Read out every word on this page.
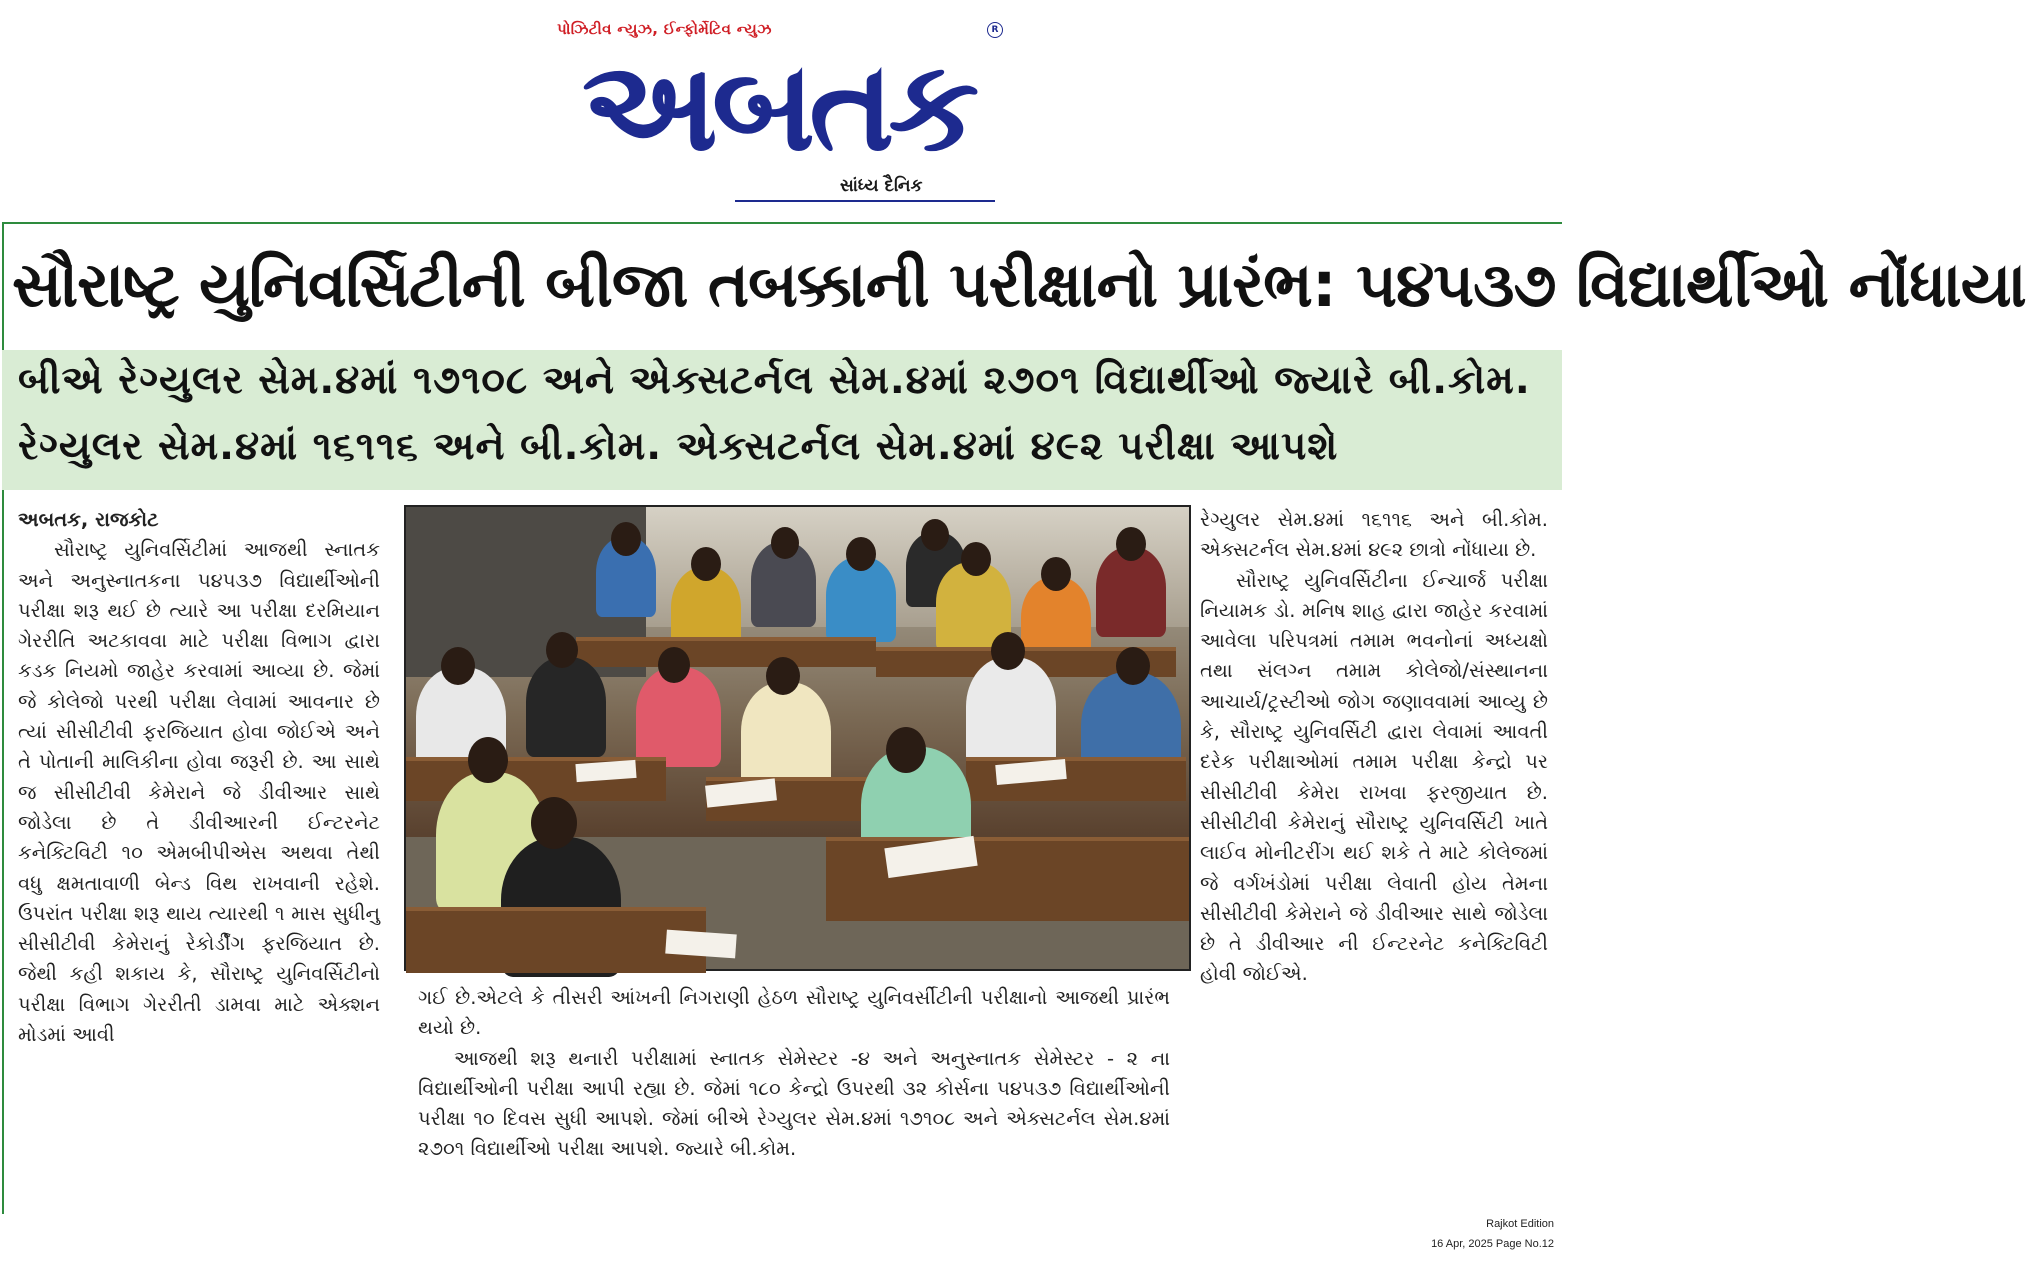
પોઝિટીવ ન્યુઝ, ઈન્ફોર્મેટિવ ન્યુઝ	R
અબતક
સાંધ્ય દૈનિક
સૌરાષ્ટ્ર યુનિવર્સિટીની બીજા તબક્કાની પરીક્ષાનો પ્રારંભ: ૫૪૫૩૭ વિદ્યાર્થીઓ નોંધાયા
બીએ રેગ્યુલર સેમ.૪માં ૧૭૧૦૮ અને એક્સટર્નલ સેમ.૪માં ૨૭૦૧ વિદ્યાર્થીઓ જ્યારે બી.કોમ.
રેગ્યુલર સેમ.૪માં ૧૬૧૧૬ અને બી.કોમ. એક્સટર્નલ સેમ.૪માં ૪૯૨ પરીક્ષા આપશે

અબતક, રાજકોટ

સૌરાષ્ટ્ર યુનિવર્સિટીમાં આજથી સ્નાતક અને અનુસ્નાતકના ૫૪૫૩૭ વિદ્યાર્થીઓની પરીક્ષા શરૂ થઈ છે ત્યારે આ પરીક્ષા દરમિયાન ગેરરીતિ અટકાવવા માટે પરીક્ષા વિભાગ દ્વારા કડક નિયમો જાહેર કરવામાં આવ્યા છે. જેમાં જે કોલેજો પરથી પરીક્ષા લેવામાં આવનાર છે ત્યાં સીસીટીવી ફરજિયાત હોવા જોઈએ અને તે પોતાની માલિકીના હોવા જરૂરી છે. આ સાથે જ સીસીટીવી કેમેરાને જે ડીવીઆર સાથે જોડેલા છે તે ડીવીઆરની ઈન્ટરનેટ કનેક્ટિવિટી ૧૦ એમબીપીએસ અથવા તેથી વધુ ક્ષમતાવાળી બેન્ડ વિથ રાખવાની રહેશે. ઉપરાંત પરીક્ષા શરૂ થાય ત્યારથી ૧ માસ સુધીનુ સીસીટીવી કેમેરાનું રેકોર્ડીંગ ફરજિયાત છે. જેથી કહી શકાય કે, સૌરાષ્ટ્ર યુનિવર્સિટીનો પરીક્ષા વિભાગ ગેરરીતી ડામવા માટે એક્શન મોડમાં આવી

ગઈ છે.એટલે કે તીસરી આંખની નિગરાણી હેઠળ સૌરાષ્ટ્ર યુનિવર્સીટીની પરીક્ષાનો આજથી પ્રારંભ થયો છે.

આજથી શરૂ થનારી પરીક્ષામાં સ્નાતક સેમેસ્ટર -૪ અને અનુસ્નાતક સેમેસ્ટર - ૨ ના વિદ્યાર્થીઓની પરીક્ષા આપી રહ્યા છે. જેમાં ૧૮૦ કેન્દ્રો ઉપરથી ૩૨ કોર્સના ૫૪૫૩૭ વિદ્યાર્થીઓની પરીક્ષા ૧૦ દિવસ સુધી આપશે. જેમાં બીએ રેગ્યુલર સેમ.૪માં ૧૭૧૦૮ અને એક્સટર્નલ સેમ.૪માં ૨૭૦૧ વિદ્યાર્થીઓ પરીક્ષા આપશે. જ્યારે બી.કોમ.

રેગ્યુલર સેમ.૪માં ૧૬૧૧૬ અને બી.કોમ. એક્સટર્નલ સેમ.૪માં ૪૯૨ છાત્રો નોંધાયા છે.

સૌરાષ્ટ્ર યુનિવર્સિટીના ઈન્ચાર્જ પરીક્ષા નિયામક ડો. મનિષ શાહ દ્વારા જાહેર કરવામાં આવેલા પરિપત્રમાં તમામ ભવનોનાં અધ્યક્ષો તથા સંલગ્ન તમામ કોલેજો/સંસ્થાનના આચાર્ય/ટ્રસ્ટીઓ જોગ જણાવવામાં આવ્યુ છે કે, સૌરાષ્ટ્ર યુનિવર્સિટી દ્વારા લેવામાં આવતી દરેક પરીક્ષાઓમાં તમામ પરીક્ષા કેન્દ્રો પર સીસીટીવી કેમેરા રાખવા ફરજીયાત છે. સીસીટીવી કેમેરાનું સૌરાષ્ટ્ર યુનિવર્સિટી ખાતે લાઈવ મોનીટરીંગ થઈ શકે તે માટે કોલેજમાં જે વર્ગખંડોમાં પરીક્ષા લેવાતી હોય તેમના સીસીટીવી કેમેરાને જે ડીવીઆર સાથે જોડેલા છે તે ડીવીઆર ની ઈન્ટરનેટ કનેક્ટિવિટી હોવી જોઈએ.

Rajkot Edition
16 Apr, 2025 Page No.12
